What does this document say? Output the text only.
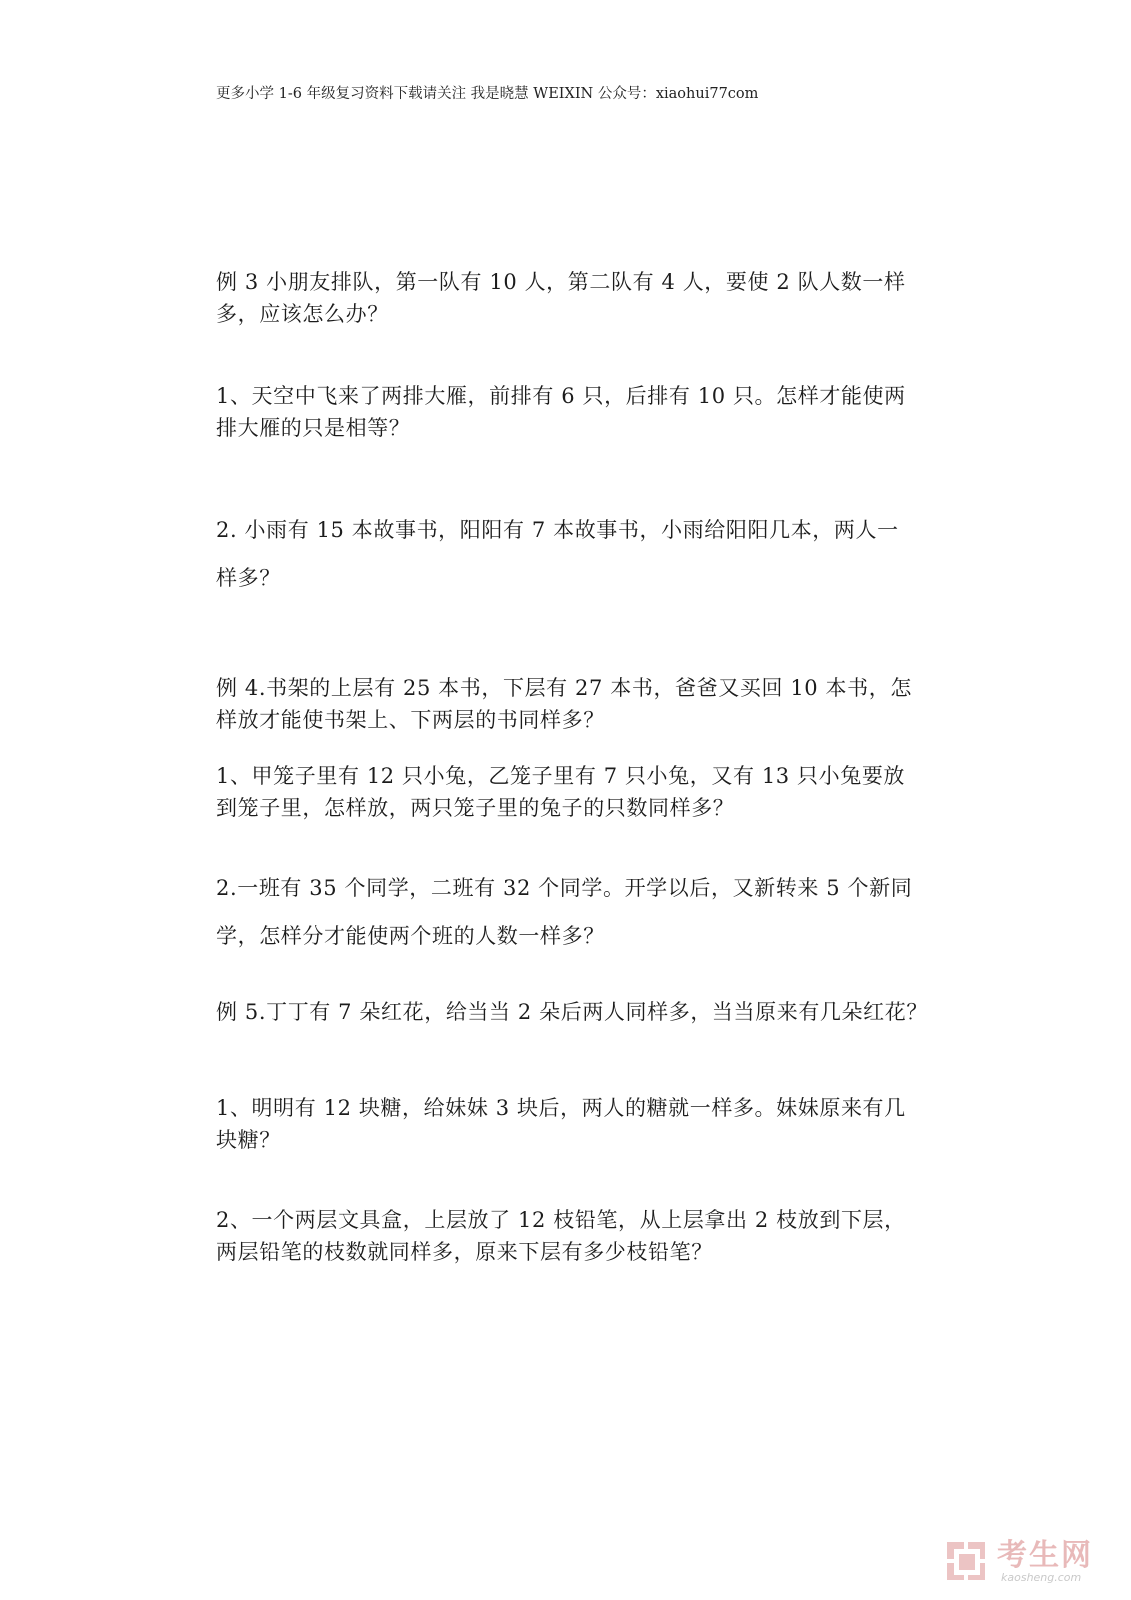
更多小学 1-6 年级复习资料下载请关注 我是晓慧 WEIXIN 公众号：xiaohui77com

例 3 小朋友排队，第一队有 10 人，第二队有 4 人，要使 2 队人数一样
多，应该怎么办？

1、天空中飞来了两排大雁，前排有 6 只，后排有 10 只。怎样才能使两
排大雁的只是相等？

2. 小雨有 15 本故事书，阳阳有 7 本故事书，小雨给阳阳几本，两人一
样多？

例 4.书架的上层有 25 本书，下层有 27 本书，爸爸又买回 10 本书，怎
样放才能使书架上、下两层的书同样多？

1、甲笼子里有 12 只小兔，乙笼子里有 7 只小兔，又有 13 只小兔要放
到笼子里，怎样放，两只笼子里的兔子的只数同样多？

2.一班有 35 个同学，二班有 32 个同学。开学以后，又新转来 5 个新同
学，怎样分才能使两个班的人数一样多？

例 5.丁丁有 7 朵红花，给当当 2 朵后两人同样多，当当原来有几朵红花？

1、明明有 12 块糖，给妹妹 3 块后，两人的糖就一样多。妹妹原来有几
块糖？

2、一个两层文具盒，上层放了 12 枝铅笔，从上层拿出 2 枝放到下层，
两层铅笔的枝数就同样多，原来下层有多少枝铅笔？

考生网
kaosheng.com
